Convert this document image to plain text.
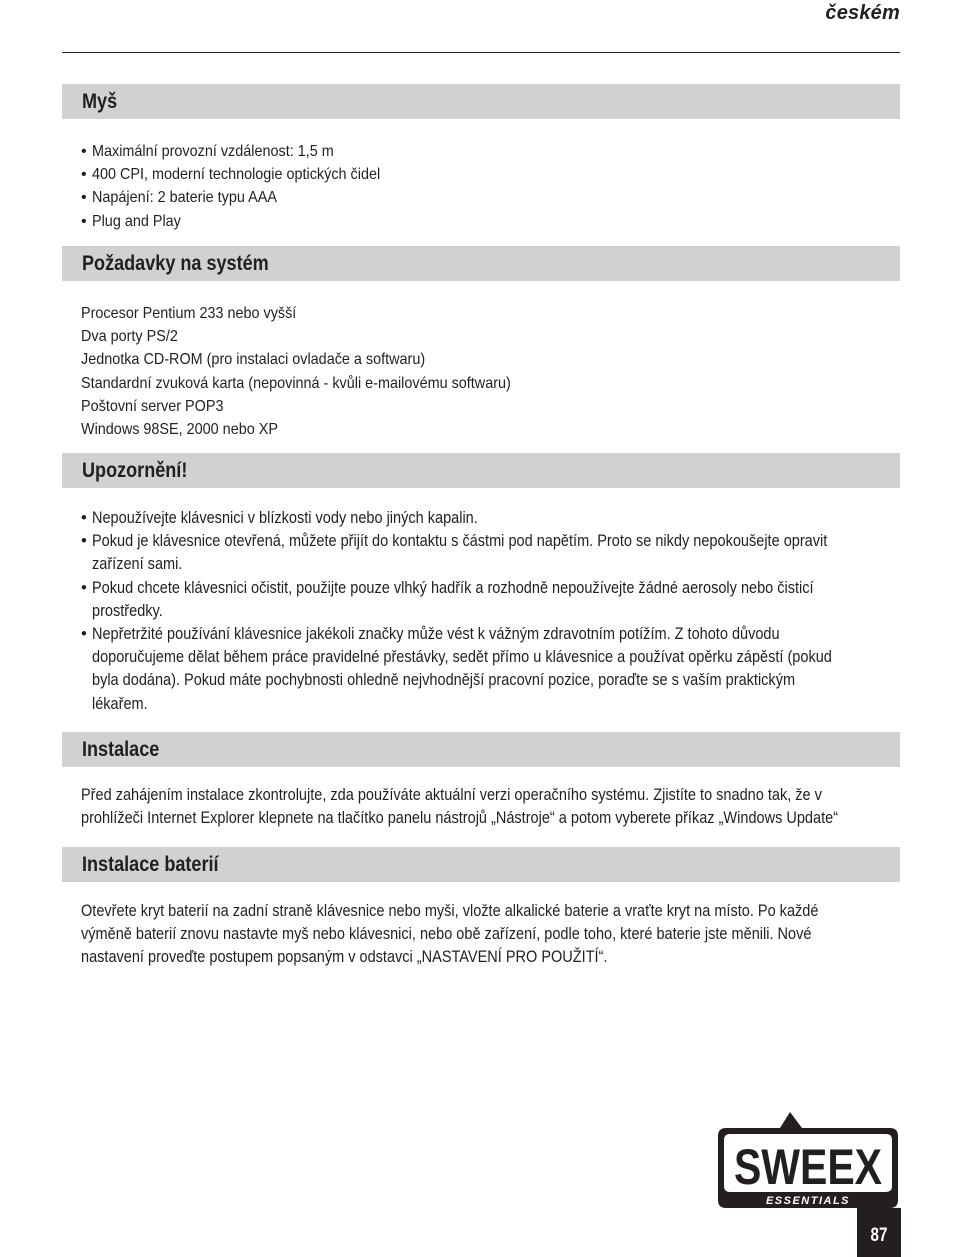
českém
Myš
• Maximální provozní vzdálenost: 1,5 m
• 400 CPI, moderní technologie optických čidel
• Napájení: 2 baterie typu AAA
• Plug and Play
Požadavky na systém
Procesor Pentium 233 nebo vyšší
Dva porty PS/2
Jednotka CD-ROM (pro instalaci ovladače a softwaru)
Standardní zvuková karta (nepovinná - kvůli e-mailovému softwaru)
Poštovní server POP3
Windows 98SE, 2000 nebo XP
Upozornění!
• Nepoužívejte klávesnici v blízkosti vody nebo jiných kapalin.
• Pokud je klávesnice otevřená, můžete přijít do kontaktu s částmi pod napětím. Proto se nikdy nepokoušejte opravit
zařízení sami.
• Pokud chcete klávesnici očistit, použijte pouze vlhký hadřík a rozhodně nepoužívejte žádné aerosoly nebo čisticí
prostředky.
• Nepřetržité používání klávesnice jakékoli značky může vést k vážným zdravotním potížím. Z tohoto důvodu
doporučujeme dělat během práce pravidelné přestávky, sedět přímo u klávesnice a používat opěrku zápěstí (pokud
byla dodána). Pokud máte pochybnosti ohledně nejvhodnější pracovní pozice, poraďte se s vaším praktickým
lékařem.
Instalace
Před zahájením instalace zkontrolujte, zda používáte aktuální verzi operačního systému. Zjistíte to snadno tak, že v
prohlížeči Internet Explorer klepnete na tlačítko panelu nástrojů „Nástroje“ a potom vyberete příkaz „Windows Update“
Instalace baterií
Otevřete kryt baterií na zadní straně klávesnice nebo myši, vložte alkalické baterie a vraťte kryt na místo. Po každé
výměně baterií znovu nastavte myš nebo klávesnici, nebo obě zařízení, podle toho, které baterie jste měnili. Nové
nastavení proveďte postupem popsaným v odstavci „NASTAVENÍ PRO POUŽITÍ“.
SWEEX
ESSENTIALS
87
